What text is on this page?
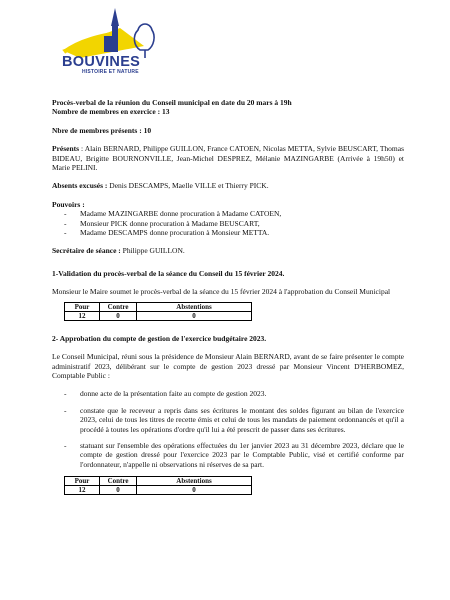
BOUVINES
HISTOIRE ET NATURE

Procès-verbal de la réunion du Conseil municipal en date du 20 mars à 19h

Nombre de membres en exercice : 13

Nbre de membres présents : 10

Présents : Alain BERNARD, Philippe GUILLON, France CATOEN, Nicolas METTA, Sylvie BEUSCART, Thomas BIDEAU, Brigitte BOURNONVILLE, Jean-Michel DESPREZ, Mélanie MAZINGARBE (Arrivée à 19h50) et Marie PELINI.

Absents excusés : Denis DESCAMPS, Maelle VILLE et Thierry PICK.

Pouvoirs :

- Madame MAZINGARBE donne procuration à Madame CATOEN,
- Monsieur PICK donne procuration à Madame BEUSCART,
- Madame DESCAMPS donne procuration à Monsieur METTA.

Secrétaire de séance : Philippe GUILLON.

1-Validation du procès-verbal de la séance du Conseil du 15 février 2024.

Monsieur le Maire soumet le procès-verbal de la séance du 15 février 2024 à l'approbation du Conseil Municipal

Pour	Contre	Abstentions
12	0	0

2- Approbation du compte de gestion de l'exercice budgétaire 2023.

Le Conseil Municipal, réuni sous la présidence de Monsieur Alain BERNARD, avant de se faire présenter le compte administratif 2023, délibérant sur le compte de gestion 2023 dressé par Monsieur Vincent D'HERBOMEZ, Comptable Public :

- donne acte de la présentation faite au compte de gestion 2023.
- constate que le receveur a repris dans ses écritures le montant des soldes figurant au bilan de l'exercice 2023, celui de tous les titres de recette émis et celui de tous les mandats de paiement ordonnancés et qu'il a procédé à toutes les opérations d'ordre qu'il lui a été prescrit de passer dans ses écritures.
- statuant sur l'ensemble des opérations effectuées du 1er janvier 2023 au 31 décembre 2023, déclare que le compte de gestion dressé pour l'exercice 2023 par le Comptable Public, visé et certifié conforme par l'ordonnateur, n'appelle ni observations ni réserves de sa part.
Pour	Contre	Abstentions
12	0	0
